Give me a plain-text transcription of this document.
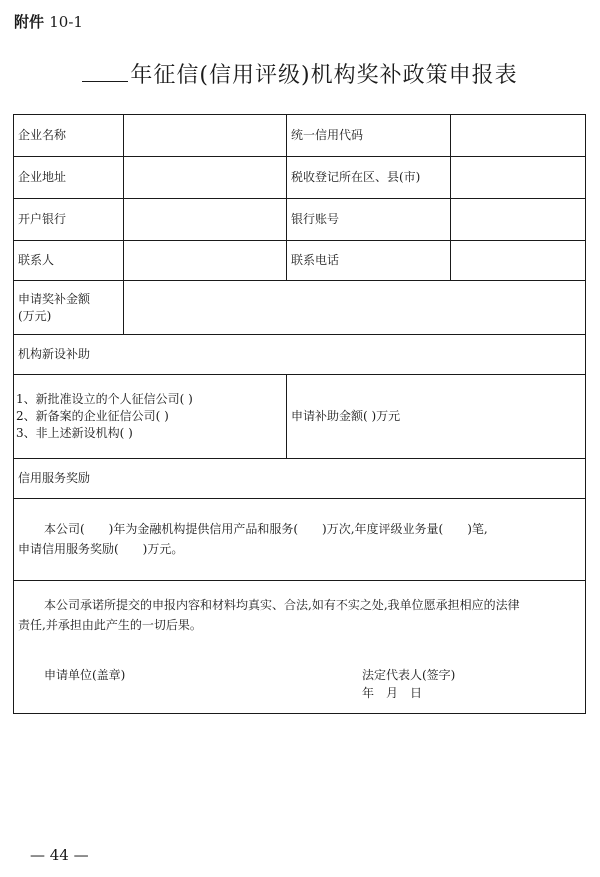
附件 10-1
年征信(信用评级)机构奖补政策申报表
企业名称	统一信用代码
企业地址	税收登记所在区、县(市)
开户银行	银行账号
联系人	联系电话
申请奖补金额
(万元)
机构新设补助
1、新批准设立的个人征信公司( )
2、新备案的企业征信公司( )
3、非上述新设机构( )
申请补助金额( )万元
信用服务奖励
本公司(　　)年为金融机构提供信用产品和服务(　　)万次,年度评级业务量(　　)笔,
申请信用服务奖励(　　)万元。
本公司承诺所提交的申报内容和材料均真实、合法,如有不实之处,我单位愿承担相应的法律
责任,并承担由此产生的一切后果。
申请单位(盖章)	法定代表人(签字)
年　月　日
— 44 —
